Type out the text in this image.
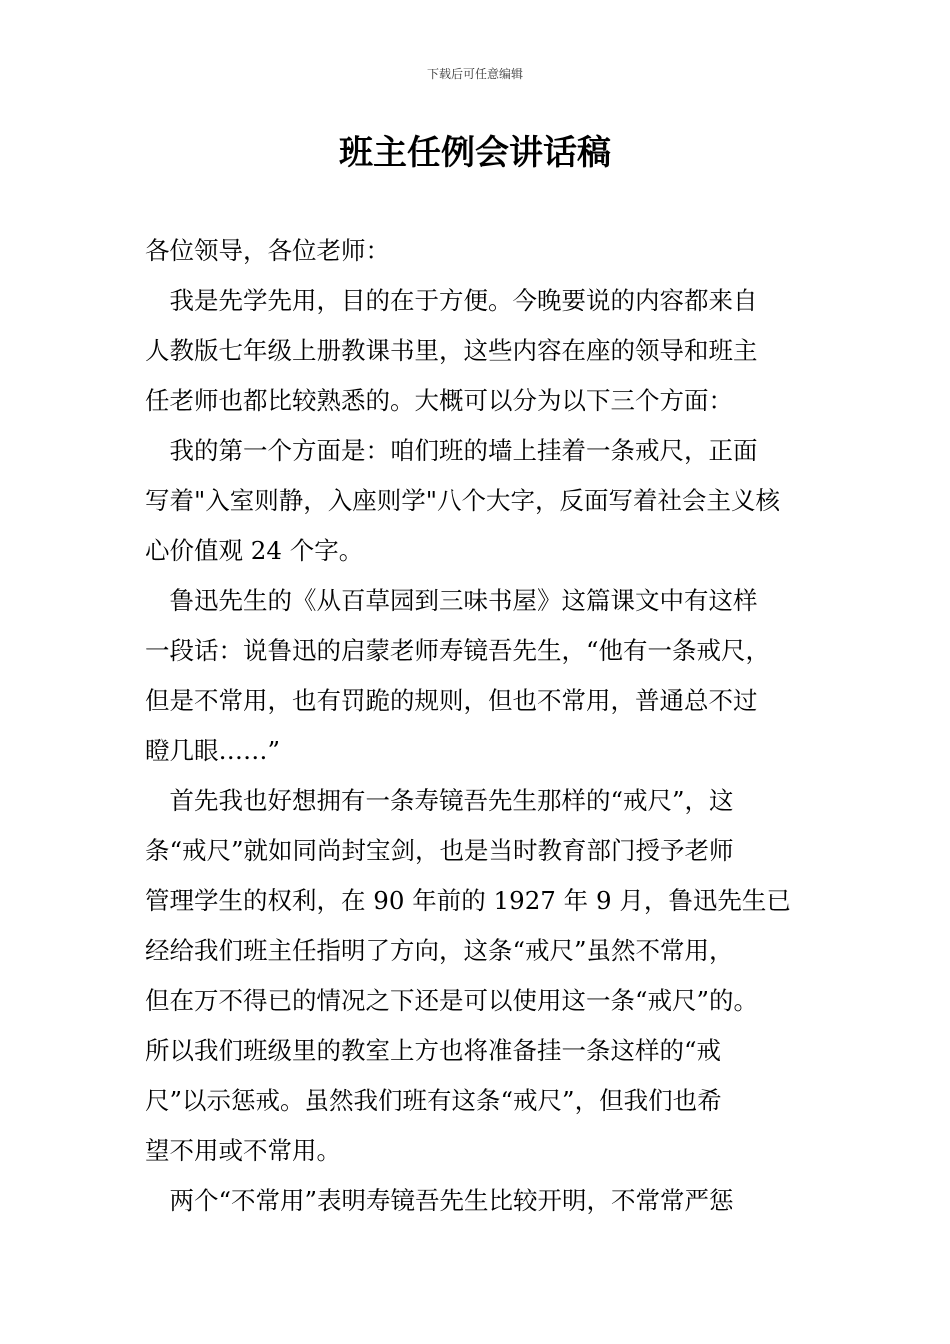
下载后可任意编辑
班主任例会讲话稿
各位领导，各位老师：
　我是先学先用，目的在于方便。今晚要说的内容都来自
人教版七年级上册教课书里，这些内容在座的领导和班主
任老师也都比较熟悉的。大概可以分为以下三个方面：
　我的第一个方面是：咱们班的墙上挂着一条戒尺，正面
写着"入室则静，入座则学"八个大字，反面写着社会主义核
心价值观 24 个字。
　鲁迅先生的《从百草园到三味书屋》这篇课文中有这样
一段话：说鲁迅的启蒙老师寿镜吾先生，“他有一条戒尺，
但是不常用，也有罚跪的规则，但也不常用，普通总不过
瞪几眼……”
　首先我也好想拥有一条寿镜吾先生那样的“戒尺”，这
条“戒尺”就如同尚封宝剑，也是当时教育部门授予老师
管理学生的权利，在 90 年前的 1927 年 9 月，鲁迅先生已
经给我们班主任指明了方向，这条“戒尺”虽然不常用，
但在万不得已的情况之下还是可以使用这一条“戒尺”的。
所以我们班级里的教室上方也将准备挂一条这样的“戒
尺”以示惩戒。虽然我们班有这条“戒尺”，但我们也希
望不用或不常用。
　两个“不常用”表明寿镜吾先生比较开明，不常常严惩
